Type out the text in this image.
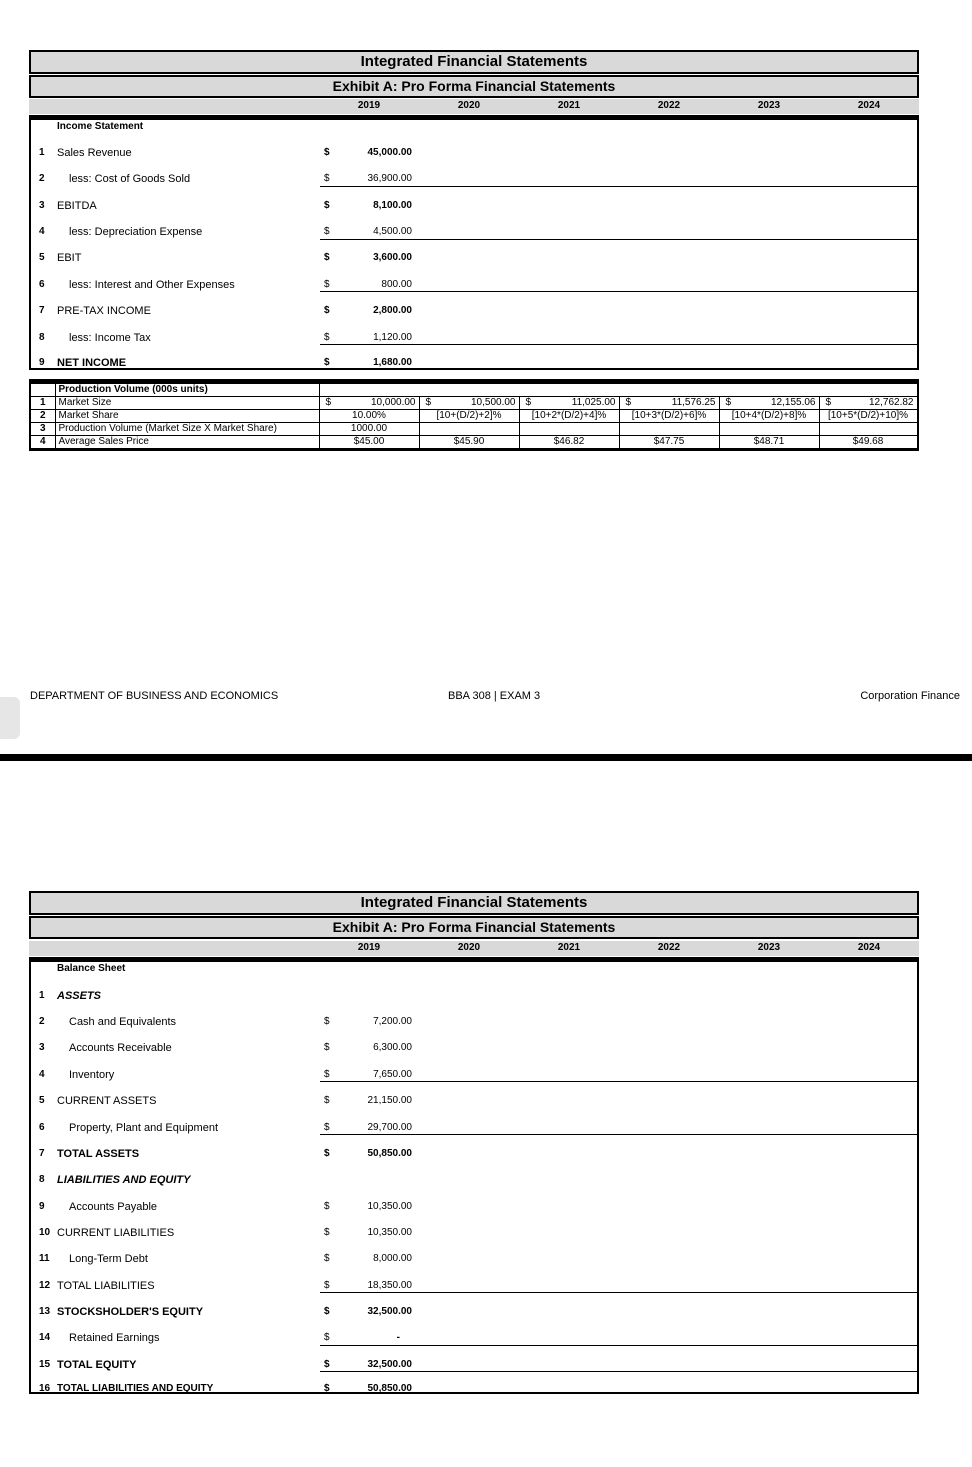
Integrated Financial Statements
Exhibit A: Pro Forma Financial Statements
2019	2020	2021	2022	2023	2024
Income Statement
1	Sales Revenue	$	45,000.00
2	less: Cost of Goods Sold	$	36,900.00
3	EBITDA	$	8,100.00
4	less: Depreciation Expense	$	4,500.00
5	EBIT	$	3,600.00
6	less: Interest and Other Expenses	$	800.00
7	PRE-TAX INCOME	$	2,800.00
8	less: Income Tax	$	1,120.00
9	NET INCOME	$	1,680.00
	Production Volume (000s units)						
1	Market Size	$ 10,000.00	$ 10,500.00	$ 11,025.00	$ 11,576.25	$ 12,155.06	$ 12,762.82
2	Market Share	10.00%	[10+(D/2)+2]%	[10+2*(D/2)+4]%	[10+3*(D/2)+6]%	[10+4*(D/2)+8]%	[10+5*(D/2)+10]%
3	Production Volume (Market Size X Market Share)	1000.00					
4	Average Sales Price	$45.00	$45.90	$46.82	$47.75	$48.71	$49.68
DEPARTMENT OF BUSINESS AND ECONOMICS	BBA 308 | EXAM 3	Corporation Finance
Integrated Financial Statements
Exhibit A: Pro Forma Financial Statements
2019	2020	2021	2022	2023	2024
Balance Sheet
1	ASSETS
2	Cash and Equivalents	$	7,200.00
3	Accounts Receivable	$	6,300.00
4	Inventory	$	7,650.00
5	CURRENT ASSETS	$	21,150.00
6	Property, Plant and Equipment	$	29,700.00
7	TOTAL ASSETS	$	50,850.00
8	LIABILITIES AND EQUITY
9	Accounts Payable	$	10,350.00
10 CURRENT LIABILITIES	$	10,350.00
11	Long-Term Debt	$	8,000.00
12 TOTAL LIABILITIES	$	18,350.00
13 STOCKSHOLDER'S EQUITY	$	32,500.00
14 Retained Earnings	$	-
15 TOTAL EQUITY	$	32,500.00
16 TOTAL LIABILITIES AND EQUITY	$	50,850.00
